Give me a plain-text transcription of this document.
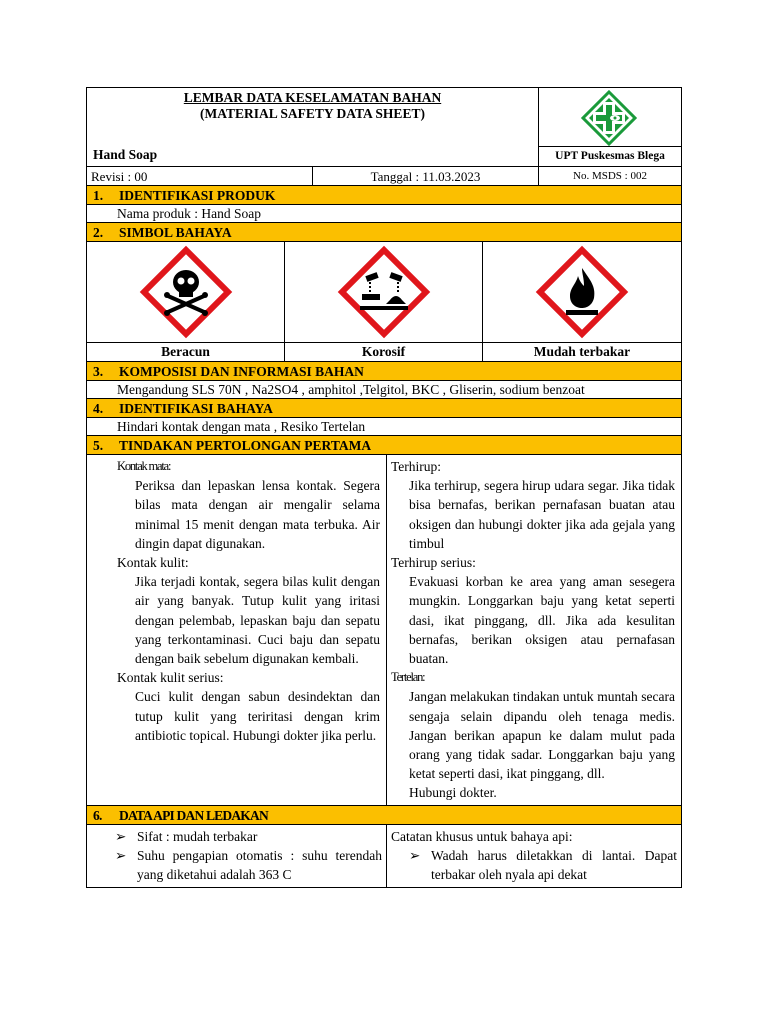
LEMBAR DATA KESELAMATAN BAHAN
(MATERIAL SAFETY DATA SHEET)
Hand Soap	UPT Puskesmas Blega
Revisi : 00	Tanggal : 11.03.2023	No. MSDS : 002
1.	IDENTIFIKASI PRODUK
Nama produk : Hand Soap
2.	SIMBOL BAHAYA
Beracun	Korosif	Mudah terbakar
3.	KOMPOSISI DAN INFORMASI BAHAN
Mengandung SLS 70N , Na2SO4 , amphitol ,Telgitol, BKC , Gliserin, sodium benzoat
4.	IDENTIFIKASI BAHAYA
Hindari kontak dengan mata , Resiko Tertelan
5.	TINDAKAN PERTOLONGAN PERTAMA
Kontak mata:
Periksa dan lepaskan lensa kontak. Segera bilas mata dengan air mengalir selama minimal 15 menit dengan mata terbuka. Air dingin dapat digunakan.
Kontak kulit:
Jika terjadi kontak, segera bilas kulit dengan air yang banyak. Tutup kulit yang iritasi dengan pelembab, lepaskan baju dan sepatu yang terkontaminasi. Cuci baju dan sepatu dengan baik sebelum digunakan kembali.
Kontak kulit serius:
Cuci kulit dengan sabun desindektan dan tutup kulit yang teriritasi dengan krim antibiotic topical. Hubungi dokter jika perlu.
Terhirup:
Jika terhirup, segera hirup udara segar. Jika tidak bisa bernafas, berikan pernafasan buatan atau oksigen dan hubungi dokter jika ada gejala yang timbul
Terhirup serius:
Evakuasi korban ke area yang aman sesegera mungkin. Longgarkan baju yang ketat seperti dasi, ikat pinggang, dll. Jika ada kesulitan bernafas, berikan oksigen atau pernafasan buatan.
Tertelan:
Jangan melakukan tindakan untuk muntah secara sengaja selain dipandu oleh tenaga medis. Jangan berikan apapun ke dalam mulut pada orang yang tidak sadar. Longgarkan baju yang ketat seperti dasi, ikat pinggang, dll.
Hubungi dokter.
6.	DATA API DAN LEDAKAN
➢ Sifat : mudah terbakar
➢ Suhu pengapian otomatis : suhu terendah yang diketahui adalah 363 C
Catatan khusus untuk bahaya api:
➢ Wadah harus diletakkan di lantai. Dapat terbakar oleh nyala api dekat
